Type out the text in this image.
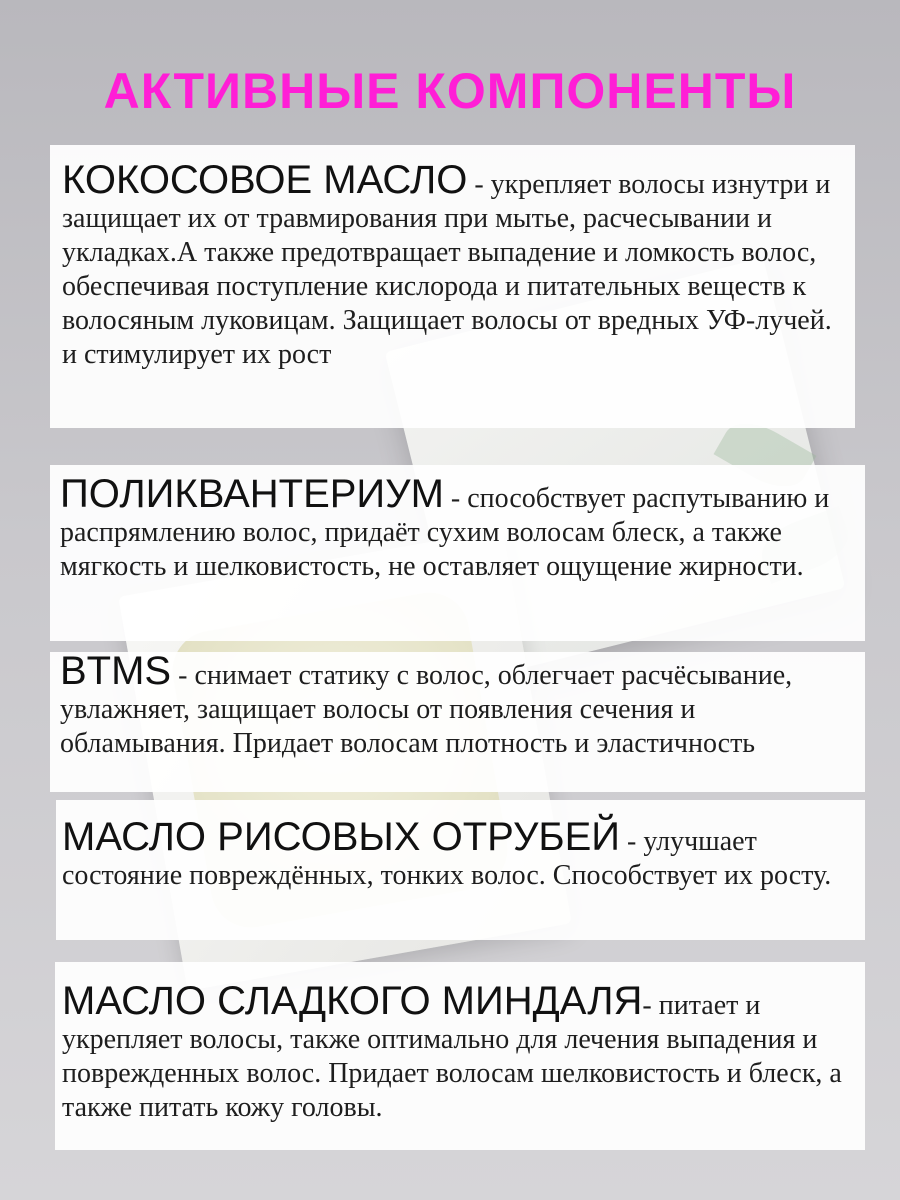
АКТИВНЫЕ КОМПОНЕНТЫ

КОКОСОВОЕ МАСЛО - укрепляет волосы изнутри и защищает их от травмирования при мытье, расчесывании и укладках.А также предотвращает выпадение и ломкость волос, обеспечивая поступление кислорода и питательных веществ к волосяным луковицам. Защищает волосы от вредных УФ-лучей. и стимулирует их рост

ПОЛИКВАНТЕРИУМ - способствует распутыванию и распрямлению волос, придаёт сухим волосам блеск, а также мягкость и шелковистость, не оставляет ощущение жирности.

BTMS - снимает статику с волос, облегчает расчёсывание, увлажняет, защищает волосы от появления сечения и обламывания. Придает волосам плотность и эластичность

МАСЛО РИСОВЫХ ОТРУБЕЙ - улучшает состояние повреждённых, тонких волос. Способствует их росту.

МАСЛО СЛАДКОГО МИНДАЛЯ- питает и укрепляет волосы, также оптимально для лечения выпадения и поврежденных волос. Придает волосам шелковистость и блеск, а также питать кожу головы.
